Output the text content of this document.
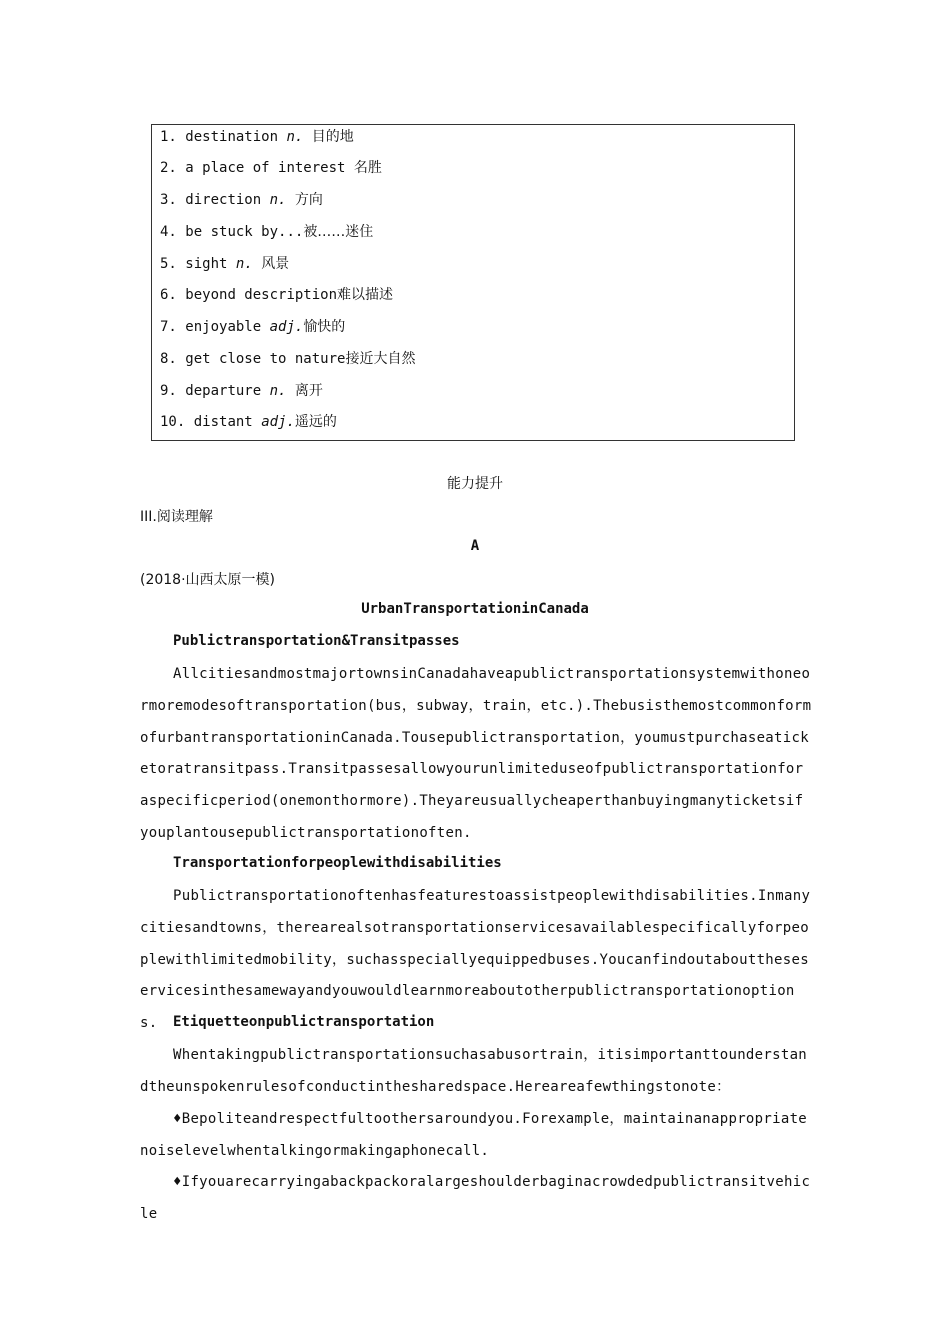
1. destination n. 目的地
2. a place of interest 名胜
3. direction n. 方向
4. be stuck by...被……迷住
5. sight n. 风景
6. beyond description难以描述
7. enjoyable adj.愉快的
8. get close to nature接近大自然
9. departure n. 离开
10. distant adj.遥远的
能力提升
III.阅读理解
A
(2018·山西太原一模)
UrbanTransportationinCanada
Publictransportation&Transitpasses

AllcitiesandmostmajortownsinCanadahaveapublictransportationsystemwithoneormoremodesoftransportation(bus，subway，train，etc.).ThebusisthemostcommonformofurbantransportationinCanada.Tousepublictransportation，youmustpurchaseaticketoratransitpass.Transitpassesallowyourunlimiteduseofpublictransportationforaspecificperiod(onemonthormore).Theyareusuallycheaperthanbuyingmanyticketsifyouplantousepublictransportationoften.

Transportationforpeoplewithdisabilities

Publictransportationoftenhasfeaturestoassistpeoplewithdisabilities.Inmanycitiesandtowns，therearealsotransportationservicesavailablespecificallyforpeoplewithlimitedmobility，suchasspeciallyequippedbuses.Youcanfindoutabouttheseservicesinthesamewayandyouwouldlearnmoreaboutotherpublictransportationoptions.	Etiquetteonpublictransportation

Whentakingpublictransportationsuchasabusortrain，itisimportanttounderstandtheunspokenrulesofconductinthesharedspace.Hereareafewthingstonote：

♦Bepoliteandrespectfultoothersaroundyou.Forexample，maintainanappropriatenoiselevelwhentalkingormakingaphonecall.

♦Ifyouarecarryingabackpackoralargeshoulderbaginacrowdedpublictransitvehicle
